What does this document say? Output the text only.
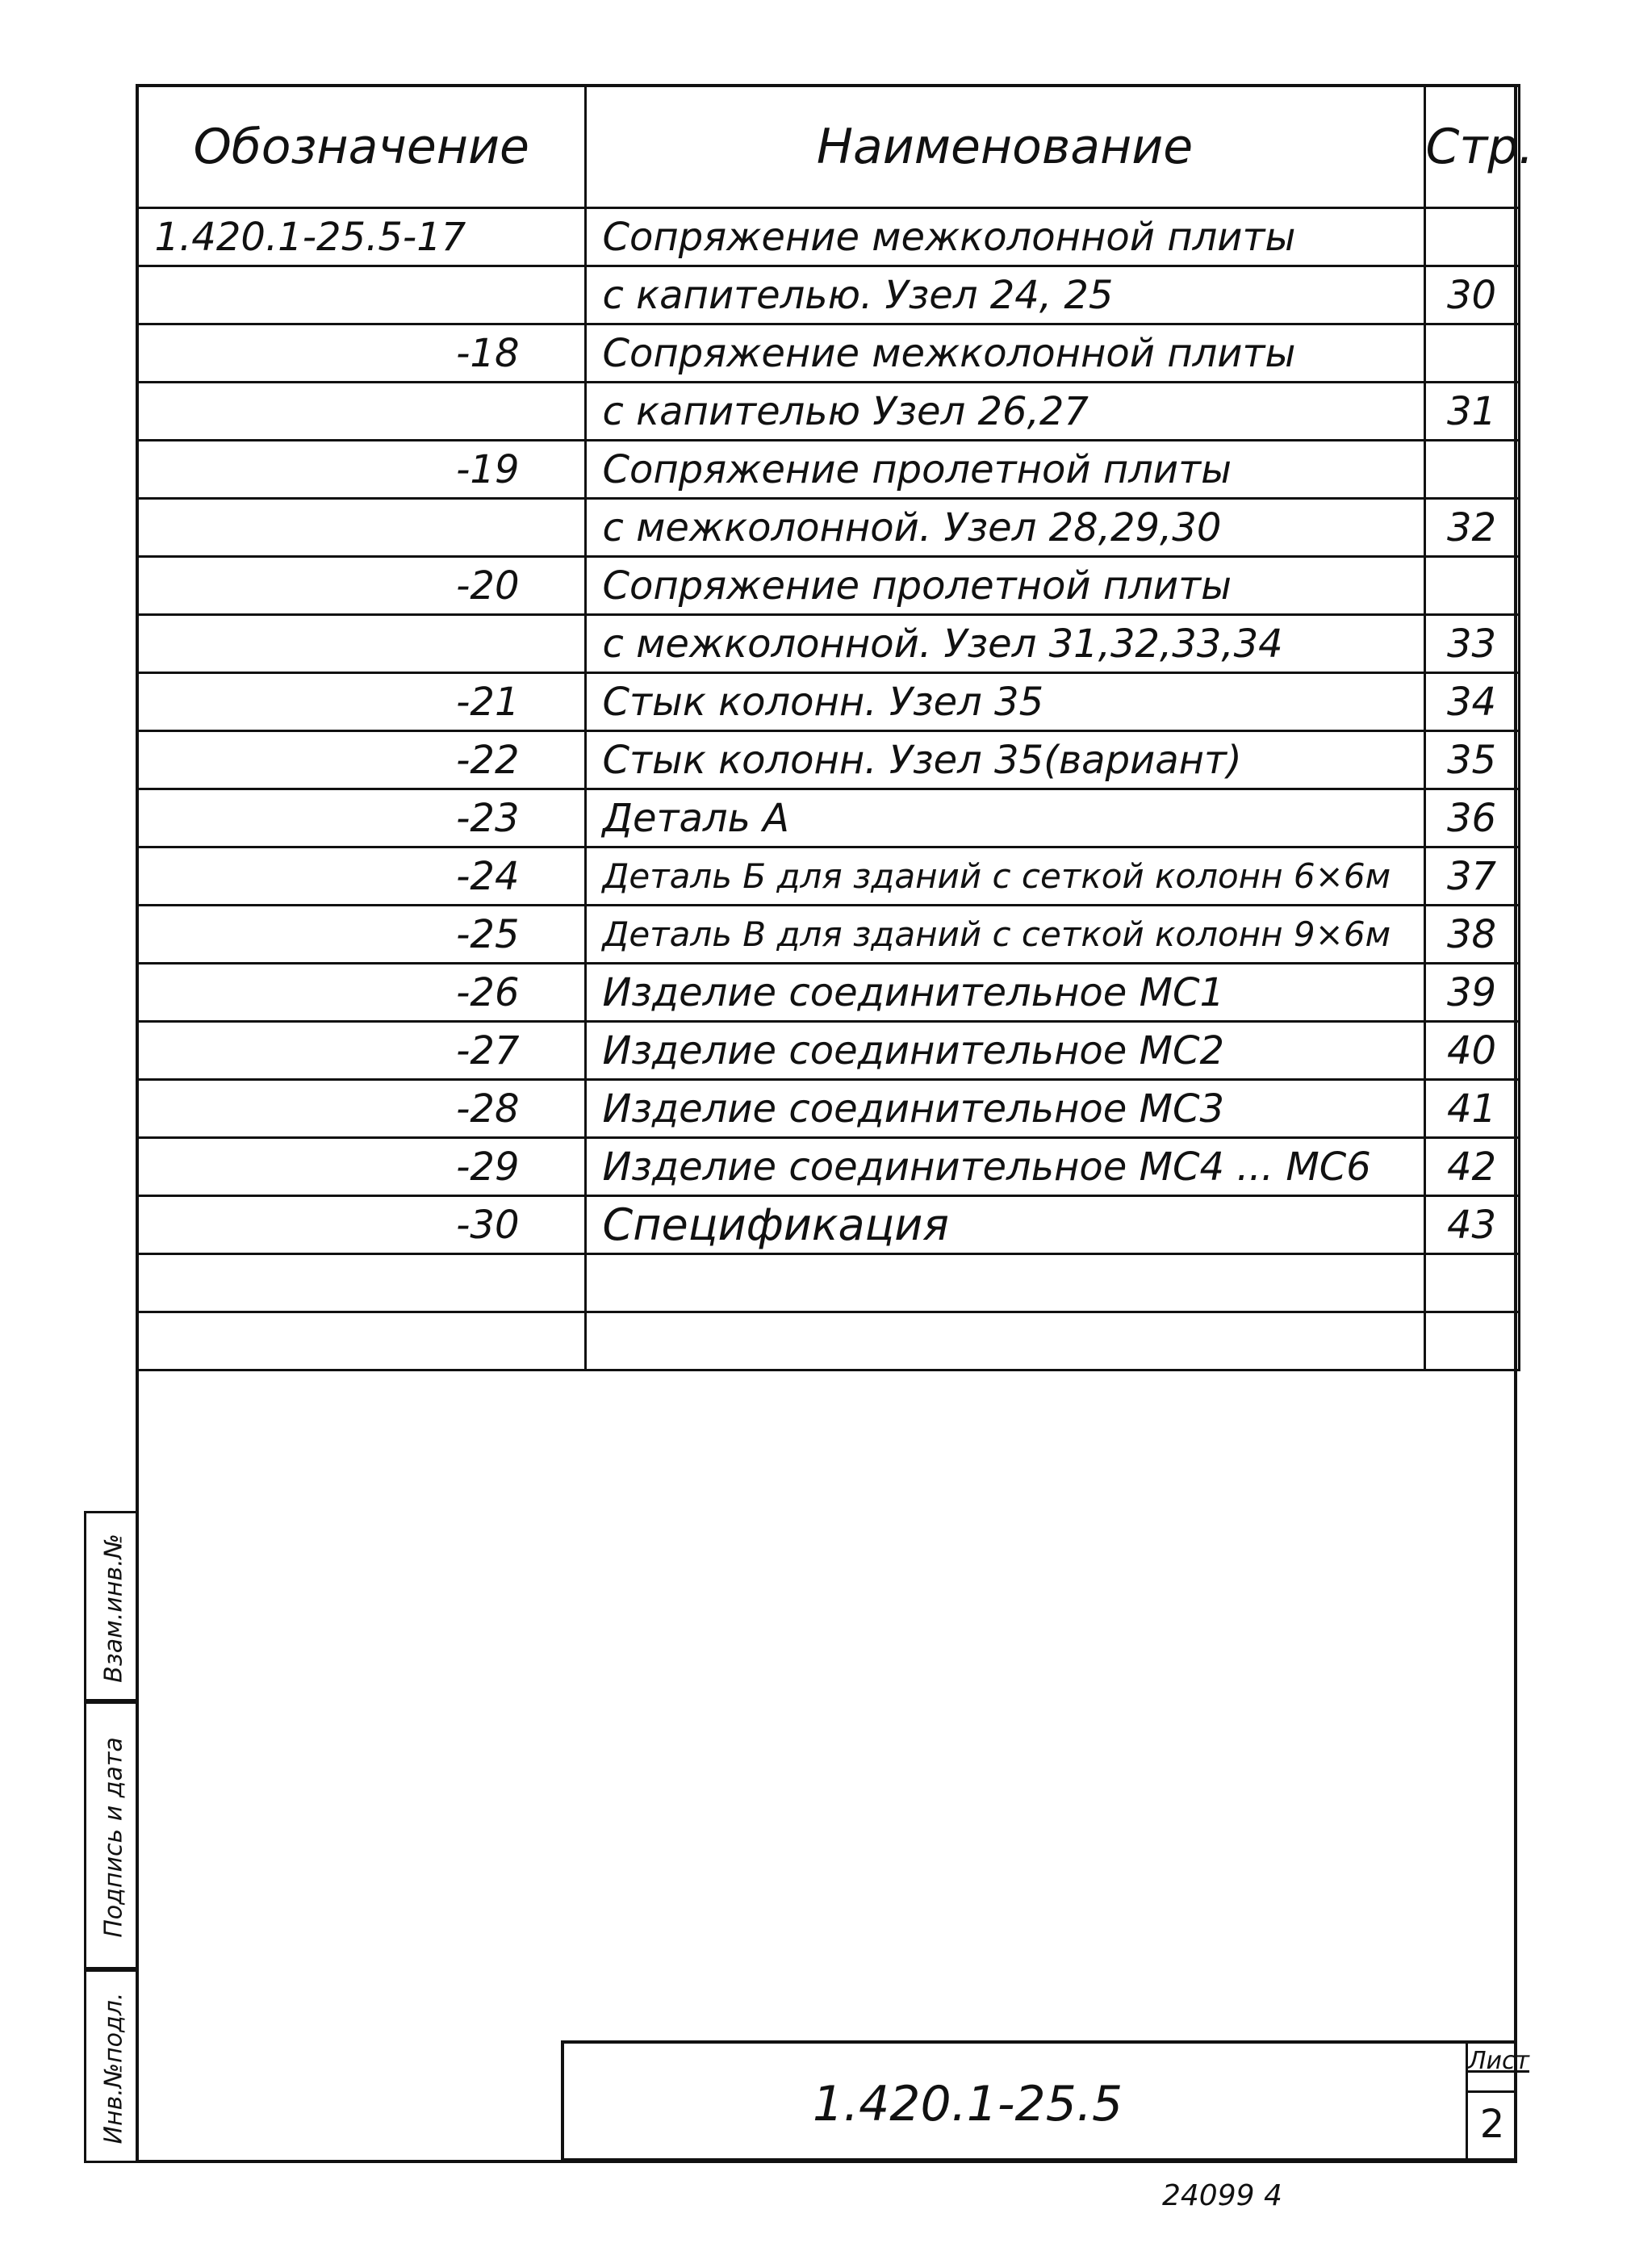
Обозначение	Наименование	Стр.
1.420.1-25.5-17	Сопряжение межколонной плиты	
	с капителью. Узел 24, 25	30
-18	Сопряжение межколонной плиты	
	с капителью Узел 26,27	31
-19	Сопряжение пролетной плиты	
	с межколонной. Узел 28,29,30	32
-20	Сопряжение пролетной плиты	
	с межколонной. Узел 31,32,33,34	33
-21	Стык колонн. Узел 35	34
-22	Стык колонн. Узел 35(вариант)	35
-23	Деталь А	36
-24	Деталь Б для зданий с сеткой колонн 6×6м	37
-25	Деталь В для зданий с сеткой колонн 9×6м	38
-26	Изделие соединительное МС1	39
-27	Изделие соединительное МС2	40
-28	Изделие соединительное МС3	41
-29	Изделие соединительное МС4 ... МС6	42
-30	Спецификация	43

Взам.инв.№
Подпись и дата
Инв.№подл.	1.420.1-25.5
Лист
2
24099 4
